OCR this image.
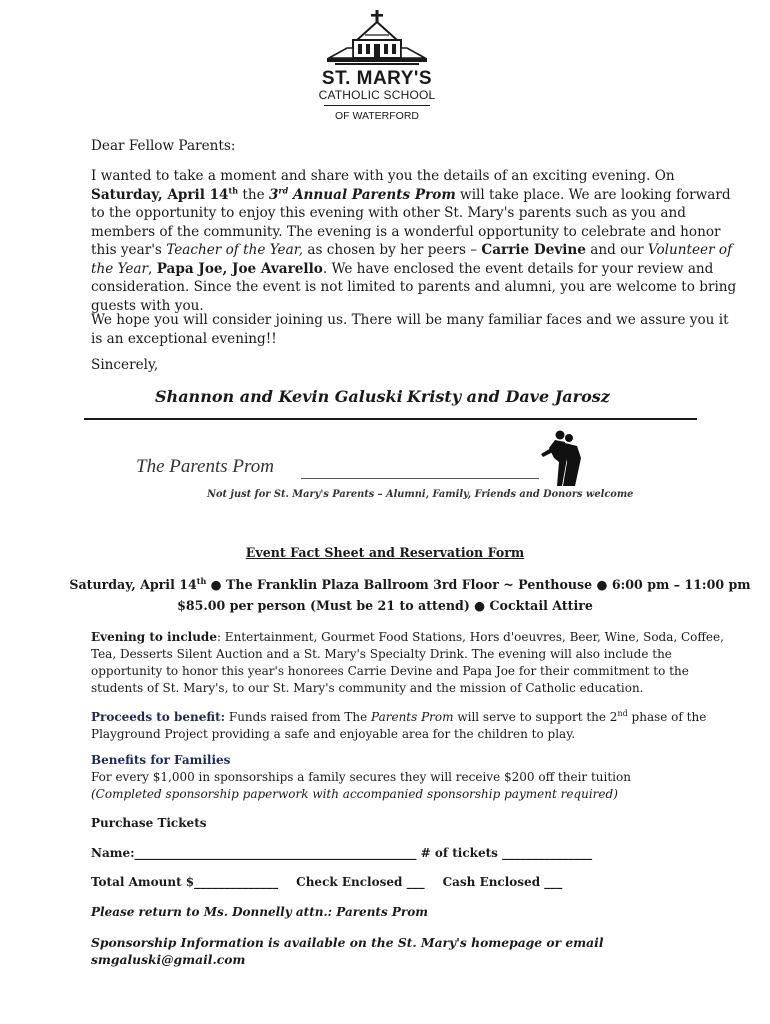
ST. MARY'S
CATHOLIC SCHOOL
OF WATERFORD
Dear Fellow Parents:
I wanted to take a moment and share with you the details of an exciting evening. On Saturday, April 14th the 3rd Annual Parents Prom will take place. We are looking forward to the opportunity to enjoy this evening with other St. Mary's parents such as you and members of the community. The evening is a wonderful opportunity to celebrate and honor this year's Teacher of the Year, as chosen by her peers – Carrie Devine and our Volunteer of the Year, Papa Joe, Joe Avarello. We have enclosed the event details for your review and consideration. Since the event is not limited to parents and alumni, you are welcome to bring guests with you.
We hope you will consider joining us. There will be many familiar faces and we assure you it is an exceptional evening!!
Sincerely,
Shannon and Kevin Galuski Kristy and Dave Jarosz
The Parents Prom
Not just for St. Mary's Parents – Alumni, Family, Friends and Donors welcome
Event Fact Sheet and Reservation Form
Saturday, April 14th ● The Franklin Plaza Ballroom 3rd Floor ~ Penthouse ● 6:00 pm – 11:00 pm
$85.00 per person (Must be 21 to attend) ● Cocktail Attire
Evening to include: Entertainment, Gourmet Food Stations, Hors d'oeuvres, Beer, Wine, Soda, Coffee, Tea, Desserts Silent Auction and a St. Mary's Specialty Drink. The evening will also include the opportunity to honor this year's honorees Carrie Devine and Papa Joe for their commitment to the students of St. Mary's, to our St. Mary's community and the mission of Catholic education.
Proceeds to benefit: Funds raised from The Parents Prom will serve to support the 2nd phase of the Playground Project providing a safe and enjoyable area for the children to play.
Benefits for Families
For every $1,000 in sponsorships a family secures they will receive $200 off their tuition
(Completed sponsorship paperwork with accompanied sponsorship payment required)
Purchase Tickets
Name:_______________________________________________ # of tickets _______________
Total Amount $______________ Check Enclosed ___ Cash Enclosed ___
Please return to Ms. Donnelly attn.: Parents Prom
Sponsorship Information is available on the St. Mary's homepage or email smgaluski@gmail.com
